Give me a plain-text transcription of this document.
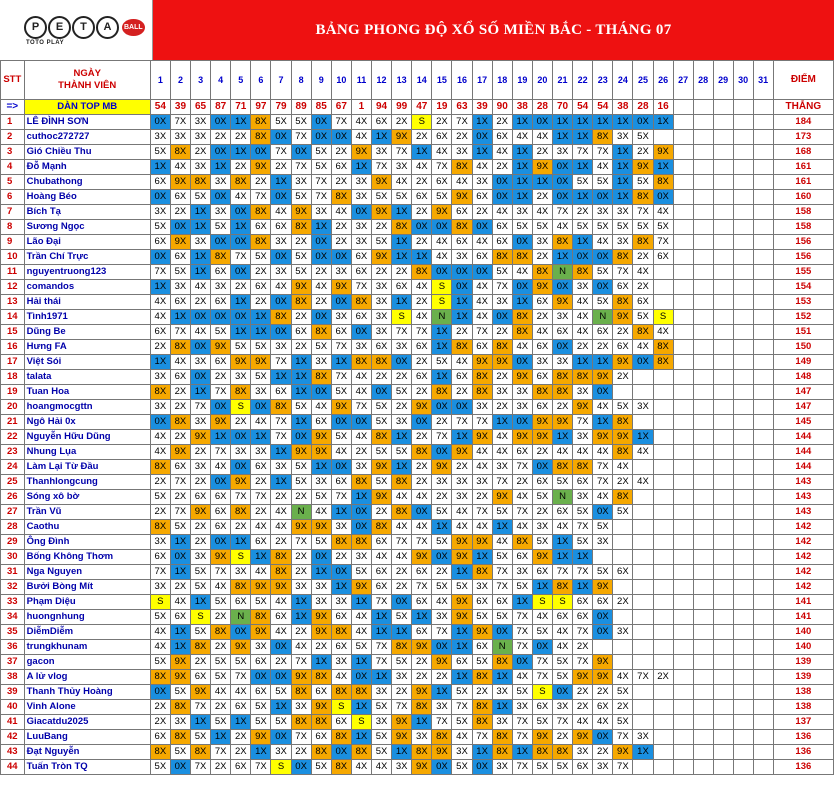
P	E	T	A	BALL
TOTO PLAY
BẢNG PHONG ĐỘ XỔ SỐ MIỀN BẮC - THÁNG 07
STT	NGÀY
THÀNH VIÊN	1	2	3	4	5	6	7	8	9	10	11	12	13	14	15	16	17	18	19	20	21	22	23	24	25	26	27	28	29	30	31	ĐIỂM
=>	DÀN TOP MB	54	39	65	87	71	97	79	89	85	67	1	94	99	47	19	63	39	90	38	28	70	54	54	38	28	16						THẮNG
1	LÊ ĐÌNH SƠN	0X	7X	3X	0X	1X	8X	5X	5X	0X	7X	4X	6X	2X	S	2X	7X	1X	2X	1X	0X	1X	1X	1X	1X	0X	1X						184
2	cuthoc272727	3X	3X	3X	2X	2X	8X	0X	7X	0X	0X	4X	1X	9X	2X	6X	2X	0X	6X	4X	4X	1X	1X	8X	3X	5X							173
3	Gió Chiều Thu	5X	8X	2X	0X	1X	0X	7X	0X	5X	2X	9X	3X	7X	1X	4X	3X	1X	4X	1X	2X	3X	7X	7X	1X	2X	9X						168
4	Đỗ Mạnh	1X	4X	3X	1X	2X	9X	2X	7X	5X	6X	1X	7X	3X	4X	7X	8X	4X	2X	1X	9X	0X	1X	4X	1X	9X	1X						161
5	Chubathong	6X	9X	8X	3X	8X	2X	1X	3X	7X	2X	3X	9X	4X	2X	6X	4X	3X	0X	1X	1X	0X	5X	5X	1X	5X	8X						161
6	Hoàng Béo	0X	6X	5X	0X	4X	7X	0X	5X	7X	8X	3X	5X	5X	6X	5X	9X	6X	0X	1X	2X	0X	1X	0X	1X	8X	0X						160
7	Bích Tạ	3X	2X	1X	3X	0X	8X	4X	9X	3X	4X	0X	9X	1X	2X	9X	6X	2X	4X	3X	4X	7X	2X	3X	3X	7X	4X						158
8	Sương Ngọc	5X	0X	1X	5X	1X	6X	6X	8X	1X	2X	3X	2X	8X	0X	0X	8X	0X	6X	5X	5X	4X	5X	5X	5X	5X	5X						158
9	Lão Đại	6X	9X	3X	0X	0X	8X	3X	2X	0X	2X	3X	5X	1X	2X	4X	6X	4X	6X	0X	3X	8X	1X	4X	3X	8X	7X						156
10	Trần Chí Trực	0X	6X	1X	8X	7X	5X	0X	5X	0X	0X	6X	9X	1X	1X	4X	3X	6X	8X	8X	2X	1X	0X	0X	8X	2X	6X						156
11	nguyentruong123	7X	5X	1X	6X	0X	2X	3X	5X	2X	3X	6X	2X	2X	8X	0X	0X	0X	5X	4X	8X	N	8X	5X	7X	4X							155
12	comandos	1X	3X	4X	3X	2X	6X	4X	9X	4X	9X	7X	3X	6X	4X	S	0X	4X	7X	0X	9X	0X	3X	0X	6X	2X							154
13	Hải thái	4X	6X	2X	6X	1X	2X	0X	8X	2X	0X	8X	3X	1X	2X	S	1X	4X	3X	1X	6X	9X	4X	5X	8X	6X							153
14	Tình1971	4X	1X	0X	0X	0X	1X	8X	2X	0X	3X	6X	3X	S	4X	N	1X	4X	0X	8X	2X	3X	4X	N	9X	5X	S						152
15	Dũng Be	6X	7X	4X	5X	1X	1X	0X	6X	8X	6X	0X	3X	7X	7X	1X	2X	7X	2X	8X	4X	6X	4X	6X	2X	8X	4X						151
16	Hưng FA	2X	8X	0X	9X	5X	5X	3X	2X	5X	7X	3X	6X	3X	6X	1X	8X	6X	8X	4X	6X	0X	2X	2X	6X	4X	8X						150
17	Việt Sói	1X	4X	3X	6X	9X	9X	7X	1X	3X	1X	8X	8X	0X	2X	5X	4X	9X	9X	0X	3X	3X	1X	1X	9X	0X	8X						149
18	talata	3X	6X	0X	2X	3X	5X	1X	1X	8X	7X	4X	2X	2X	6X	1X	6X	8X	2X	9X	6X	8X	8X	9X	2X								148
19	Tuan Hoa	8X	2X	1X	7X	8X	3X	6X	1X	0X	5X	4X	0X	5X	2X	8X	2X	8X	3X	3X	8X	8X	3X	0X									147
20	hoangmocgttn	3X	2X	7X	0X	S	0X	8X	5X	4X	9X	7X	5X	2X	9X	0X	0X	3X	2X	3X	6X	2X	9X	4X	5X	3X							147
21	Ngô Hải 0x	0X	8X	3X	9X	2X	4X	7X	1X	6X	0X	0X	5X	3X	0X	2X	7X	7X	1X	0X	9X	9X	7X	1X	8X								145
22	Nguyễn Hữu Dũng	4X	2X	9X	1X	0X	1X	7X	0X	9X	5X	4X	8X	1X	2X	7X	1X	9X	4X	9X	9X	1X	3X	9X	9X	1X							144
23	Nhung Lụa	4X	9X	2X	7X	3X	3X	1X	9X	9X	4X	2X	5X	5X	8X	0X	9X	4X	4X	6X	2X	4X	4X	4X	8X	4X							144
24	Làm Lại Từ Đầu	8X	6X	3X	4X	0X	6X	3X	5X	1X	0X	3X	9X	1X	2X	9X	2X	4X	3X	7X	0X	8X	8X	7X	4X								144
25	Thanhlongcung	2X	7X	2X	0X	9X	2X	1X	5X	3X	6X	8X	5X	8X	2X	3X	3X	3X	7X	2X	6X	5X	6X	7X	2X	4X							143
26	Sóng xô bờ	5X	2X	6X	6X	7X	7X	2X	2X	5X	7X	1X	9X	4X	4X	2X	3X	2X	9X	4X	5X	N	3X	4X	8X								143
27	Trần Vũ	2X	7X	9X	6X	8X	2X	4X	N	4X	1X	0X	2X	8X	0X	5X	4X	7X	5X	7X	2X	6X	5X	0X	5X								143
28	Caothu	8X	5X	2X	6X	2X	4X	4X	9X	9X	3X	0X	8X	4X	4X	1X	4X	4X	1X	4X	3X	4X	7X	5X									142
29	Ông Đình	3X	1X	2X	0X	1X	6X	2X	7X	5X	8X	8X	6X	7X	7X	5X	9X	9X	4X	8X	5X	1X	5X	3X									142
30	Bống Không Thơm	6X	0X	3X	9X	S	1X	8X	2X	0X	2X	3X	4X	4X	9X	0X	9X	1X	5X	6X	9X	1X	1X										142
31	Nga Nguyen	7X	1X	5X	7X	3X	4X	8X	2X	1X	0X	5X	6X	2X	6X	2X	1X	8X	7X	3X	6X	7X	7X	5X	6X								142
32	Bưởi Bòng Mít	3X	2X	5X	4X	8X	9X	9X	3X	3X	1X	9X	6X	2X	7X	5X	5X	3X	7X	5X	1X	8X	1X	9X									142
33	Phạm Diệu	S	4X	1X	5X	6X	5X	4X	1X	3X	3X	1X	7X	0X	6X	4X	9X	6X	6X	1X	S	S	6X	6X	2X								141
34	huongnhung	5X	6X	S	2X	N	8X	6X	1X	9X	6X	4X	1X	5X	1X	3X	9X	5X	5X	7X	4X	6X	6X	0X									141
35	DiễmDiễm	4X	1X	5X	8X	0X	9X	4X	2X	9X	8X	4X	1X	1X	6X	7X	1X	9X	0X	7X	5X	4X	7X	0X	3X								140
36	trungkhunam	4X	1X	8X	2X	9X	3X	0X	4X	2X	6X	5X	7X	8X	9X	0X	1X	6X	N	7X	0X	4X	2X										140
37	gacon	5X	9X	2X	5X	5X	6X	2X	7X	1X	3X	1X	7X	5X	2X	9X	6X	5X	8X	0X	7X	5X	7X	9X									139
38	A lử vlog	8X	9X	6X	5X	7X	0X	0X	9X	8X	4X	0X	1X	3X	2X	2X	1X	8X	1X	4X	7X	5X	9X	9X	4X	7X	2X						139
39	Thanh Thủy Hoàng	0X	5X	9X	4X	4X	6X	5X	8X	6X	8X	8X	3X	2X	9X	1X	5X	2X	3X	5X	S	0X	2X	2X	5X								138
40	Vinh Alone	2X	8X	7X	2X	6X	5X	1X	3X	9X	S	1X	5X	7X	8X	3X	7X	8X	1X	3X	6X	3X	2X	6X	2X								138
41	Giacatdu2025	2X	3X	1X	5X	1X	5X	5X	8X	8X	6X	S	3X	9X	1X	7X	5X	8X	3X	7X	5X	7X	4X	4X	5X								137
42	LuuBang	6X	8X	5X	1X	2X	9X	0X	7X	6X	8X	1X	5X	9X	3X	8X	4X	7X	8X	7X	9X	2X	9X	0X	7X	3X							136
43	Đạt Nguyễn	8X	5X	8X	7X	2X	1X	3X	2X	8X	0X	8X	5X	1X	8X	9X	3X	1X	8X	1X	8X	8X	3X	2X	9X	1X							136
44	Tuấn Tròn TQ	5X	0X	7X	2X	6X	7X	S	0X	5X	8X	4X	4X	3X	9X	0X	5X	0X	3X	7X	5X	5X	6X	3X	7X								136
